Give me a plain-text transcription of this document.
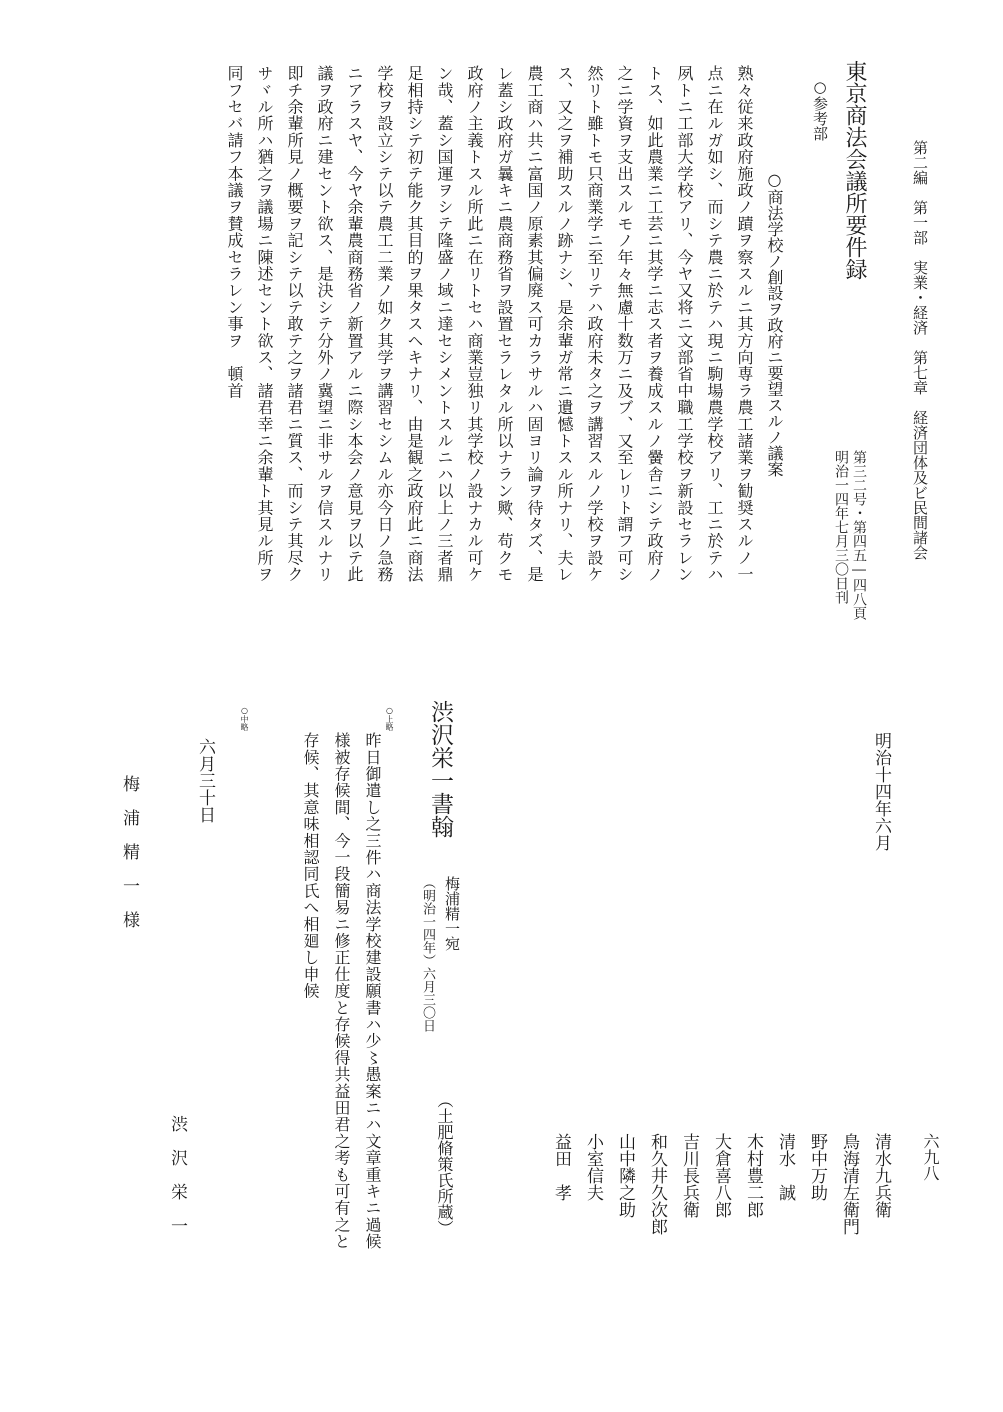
第二編　第一部　実業・経済　第七章　経済団体及ビ民間諸会
第三二号・第四五―四八頁
明治一四年七月三〇日刊
東京商法会議所要件録
○参考部
○商法学校ノ創設ヲ政府ニ要望スルノ議案
熟々従来政府施政ノ蹟ヲ察スルニ其方向専ラ農工諸業ヲ勧奨スルノ一
点ニ在ルガ如シ、而シテ農ニ於テハ現ニ駒場農学校アリ、工ニ於テハ
夙トニ工部大学校アリ、今ヤ又将ニ文部省中職工学校ヲ新設セラレン
トス、如此農業ニ工芸ニ其学ニ志ス者ヲ養成スルノ黌舎ニシテ政府ノ
之ニ学資ヲ支出スルモノ年々無慮十数万ニ及ブ、又至レリト謂フ可シ
然リト雖トモ只商業学ニ至リテハ政府未タ之ヲ講習スルノ学校ヲ設ケ
ス、又之ヲ補助スルノ跡ナシ、是余輩ガ常ニ遺憾トスル所ナリ、夫レ
農工商ハ共ニ富国ノ原素其偏廃ス可カラサルハ固ヨリ論ヲ待タズ、是
レ蓋シ政府ガ曩キニ農商務省ヲ設置セラレタル所以ナラン歟、苟クモ
政府ノ主義トスル所此ニ在リトセハ商業豈独リ其学校ノ設ナカル可ケ
ン哉、蓋シ国運ヲシテ隆盛ノ域ニ達セシメントスルニハ以上ノ三者鼎
足相持シテ初テ能ク其目的ヲ果タスヘキナリ、由是観之政府此ニ商法
学校ヲ設立シテ以テ農工二業ノ如ク其学ヲ講習セシムル亦今日ノ急務
ニアラスヤ、今ヤ余輩農商務省ノ新置アルニ際シ本会ノ意見ヲ以テ此
議ヲ政府ニ建セント欲ス、是決シテ分外ノ冀望ニ非サルヲ信スルナリ
即チ余輩所見ノ概要ヲ記シテ以テ敢テ之ヲ諸君ニ質ス、而シテ其尽ク
サヾル所ハ猶之ヲ議場ニ陳述セント欲ス、諸君幸ニ余輩ト其見ル所ヲ
同フセバ請フ本議ヲ賛成セラレン事ヲ　頓首
六九八
明治十四年六月
清水九兵衛
鳥海清左衛門
野中万助
清水　誠
木村豊二郎
大倉喜八郎
吉川長兵衛
和久井久次郎
山中隣之助
小室信夫
益田　孝
（土肥脩策氏所蔵）
渋沢栄一書翰
梅浦精一宛
（明治一四年）六月三〇日
○上略
昨日御遣し之三件ハ商法学校建設願書ハ少〻愚案ニハ文章重キニ過候
様被存候間、今一段簡易ニ修正仕度と存候得共益田君之考も可有之と
存候、其意味相認同氏へ相廻し申候
○中略
六月三十日
渋　沢　栄　一
梅　浦　精　一　様
